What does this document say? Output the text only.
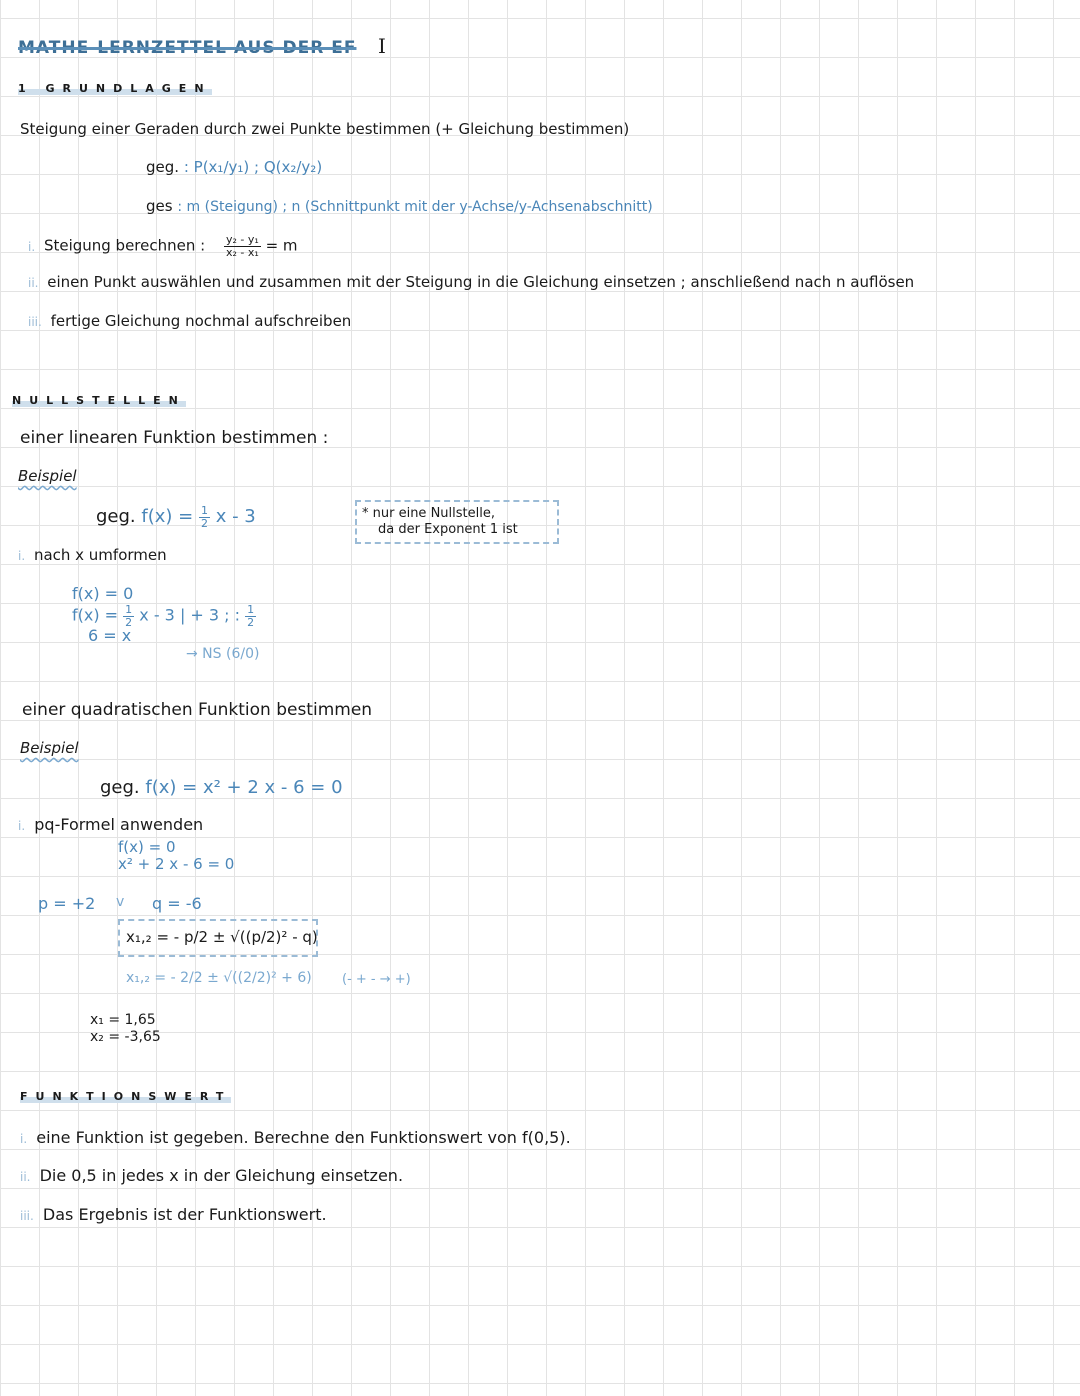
MATHE-LERNZETTEL AUS DER EF I
1 GRUNDLAGEN
Steigung einer Geraden durch zwei Punkte bestimmen (+ Gleichung bestimmen)
geg. : P(x₁/y₁) ; Q(x₂/y₂)
ges : m (Steigung) ; n (Schnittpunkt mit der y-Achse/y-Achsenabschnitt)
i. Steigung berechnen : $\frac{\text{y₂ - y₁}}{\text{x₂ - x₁}} = m$
ii. einen Punkt auswählen und zusammen mit der Steigung in die Gleichung einsetzen ; anschließend nach n auflösen
iii. fertige Gleichung nochmal aufschreiben
NULLSTELLEN
einer linearen Funktion bestimmen :
Beispiel
geg. $f(x) = \frac{1}{2}$ x - 3	* nur eine Nullstelle,
da der Exponent 1 ist
i. nach x umformen
f(x) = 0
$f(x) = \frac{1}{2}$ x - 3 | + 3 ; : $\frac{1}{2}$
6 = x
→ NS (6/0)
einer quadratischen Funktion bestimmen
Beispiel
geg. f(x) = x² + 2 x - 6 = 0
i. pq-Formel anwenden
f(x) = 0
x² + 2 x - 6 = 0
p = +2 v q = -6
x₁,₂ = - p/2 ± √((p/2)² - q)
x₁,₂ = - 2/2 ± √((2/2)² + 6) (- + - → +)
x₁ = 1,65
x₂ = -3,65
FUNKTIONSWERT
i. eine Funktion ist gegeben. Berechne den Funktionswert von f(0,5).
ii. Die 0,5 in jedes x in der Gleichung einsetzen.
iii. Das Ergebnis ist der Funktionswert.
